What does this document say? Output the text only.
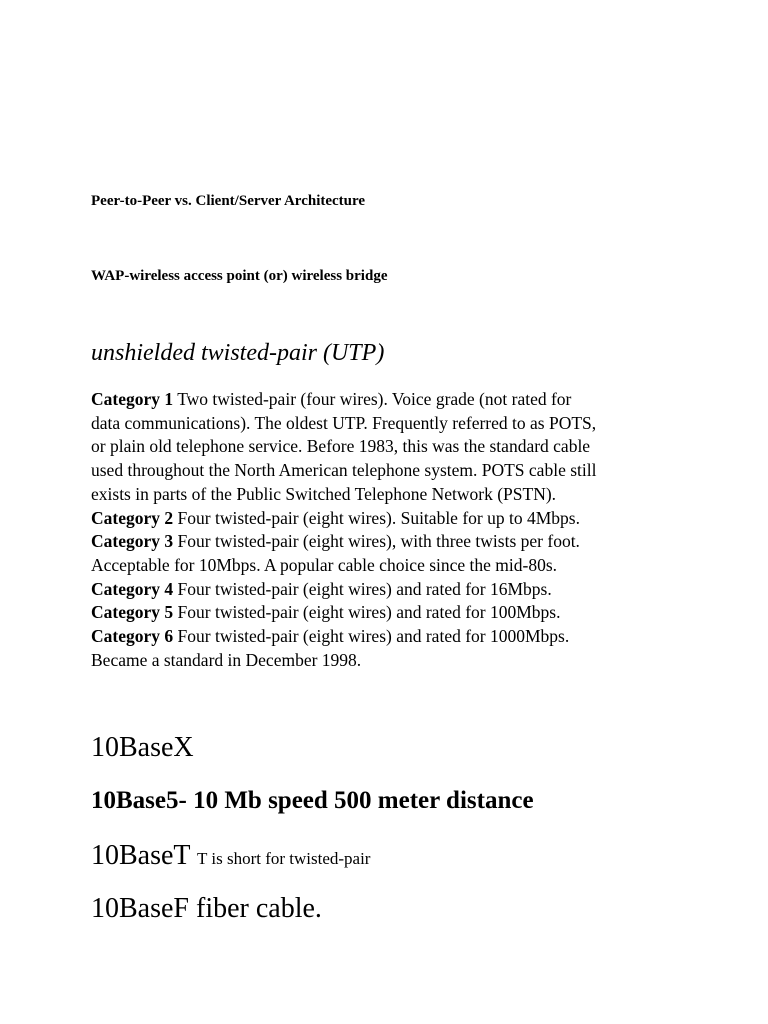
Peer-to-Peer vs. Client/Server Architecture
WAP-wireless access point (or) wireless bridge
unshielded twisted-pair (UTP)
Category 1 Two twisted-pair (four wires). Voice grade (not rated for
data communications). The oldest UTP. Frequently referred to as POTS,
or plain old telephone service. Before 1983, this was the standard cable
used throughout the North American telephone system. POTS cable still
exists in parts of the Public Switched Telephone Network (PSTN).
Category 2 Four twisted-pair (eight wires). Suitable for up to 4Mbps.
Category 3 Four twisted-pair (eight wires), with three twists per foot.
Acceptable for 10Mbps. A popular cable choice since the mid-80s.
Category 4 Four twisted-pair (eight wires) and rated for 16Mbps.
Category 5 Four twisted-pair (eight wires) and rated for 100Mbps.
Category 6 Four twisted-pair (eight wires) and rated for 1000Mbps.
Became a standard in December 1998.
10BaseX
10Base5- 10 Mb speed 500 meter distance
10BaseT T is short for twisted-pair
10BaseF fiber cable.
